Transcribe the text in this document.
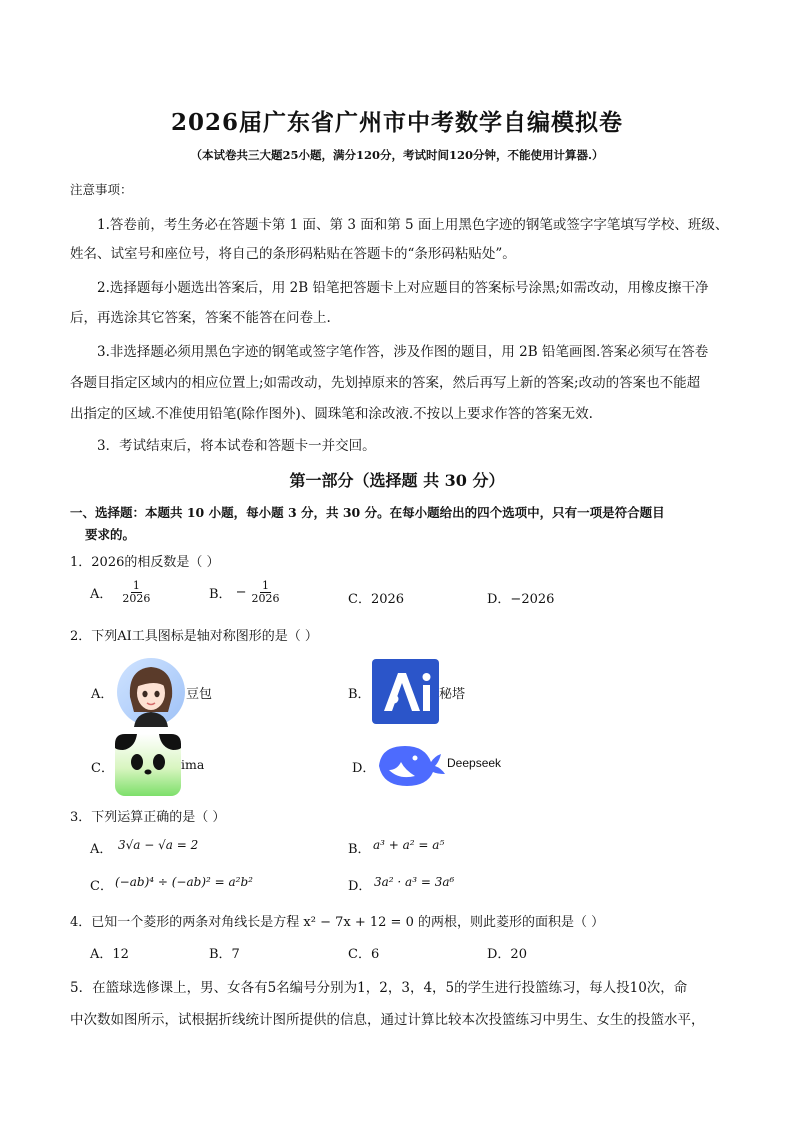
2026届广东省广州市中考数学自编模拟卷
（本试卷共三大题25小题，满分120分，考试时间120分钟，不能使用计算器.）
注意事项：
1.答卷前，考生务必在答题卡第 1 面、第 3 面和第 5 面上用黑色字迹的钢笔或签字字笔填写学校、班级、
姓名、试室号和座位号，将自己的条形码粘贴在答题卡的“条形码粘贴处”。
2.选择题每小题选出答案后，用 2B 铅笔把答题卡上对应题目的答案标号涂黑;如需改动，用橡皮擦干净
后，再选涂其它答案，答案不能答在问卷上.
3.非选择题必须用黑色字迹的钢笔或签字笔作答，涉及作图的题目，用 2B 铅笔画图.答案必须写在答卷
各题目指定区域内的相应位置上;如需改动，先划掉原来的答案，然后再写上新的答案;改动的答案也不能超
出指定的区域.不准使用铅笔(除作图外)、圆珠笔和涂改液.不按以上要求作答的答案无效.
3．考试结束后，将本试卷和答题卡一并交回。
第一部分（选择题 共 30 分）
一、选择题：本题共 10 小题，每小题 3 分，共 30 分。在每小题给出的四个选项中，只有一项是符合题目
要求的。
1．2026的相反数是（ ）
A． $\frac{1}{2026}$	B． − $\frac{1}{2026}$	C．2026	D．−2026
2．下列AI工具图标是轴对称图形的是（ ）
A．	豆包	B．	秘塔
C．	ima	D．	Deepseek
3．下列运算正确的是（ ）
A． 3√a − √a = 2	B． a³ + a² = a⁵
C． (−ab)⁴ ÷ (−ab)² = a²b²	D． 3a² · a³ = 3a⁶
4．已知一个菱形的两条对角线长是方程 x² − 7x + 12 = 0 的两根，则此菱形的面积是（ ）
A．12	B．7	C．6	D．20
5．在篮球选修课上，男、女各有5名编号分别为1，2，3，4，5的学生进行投篮练习，每人投10次，命
中次数如图所示，试根据折线统计图所提供的信息，通过计算比较本次投篮练习中男生、女生的投篮水平，
